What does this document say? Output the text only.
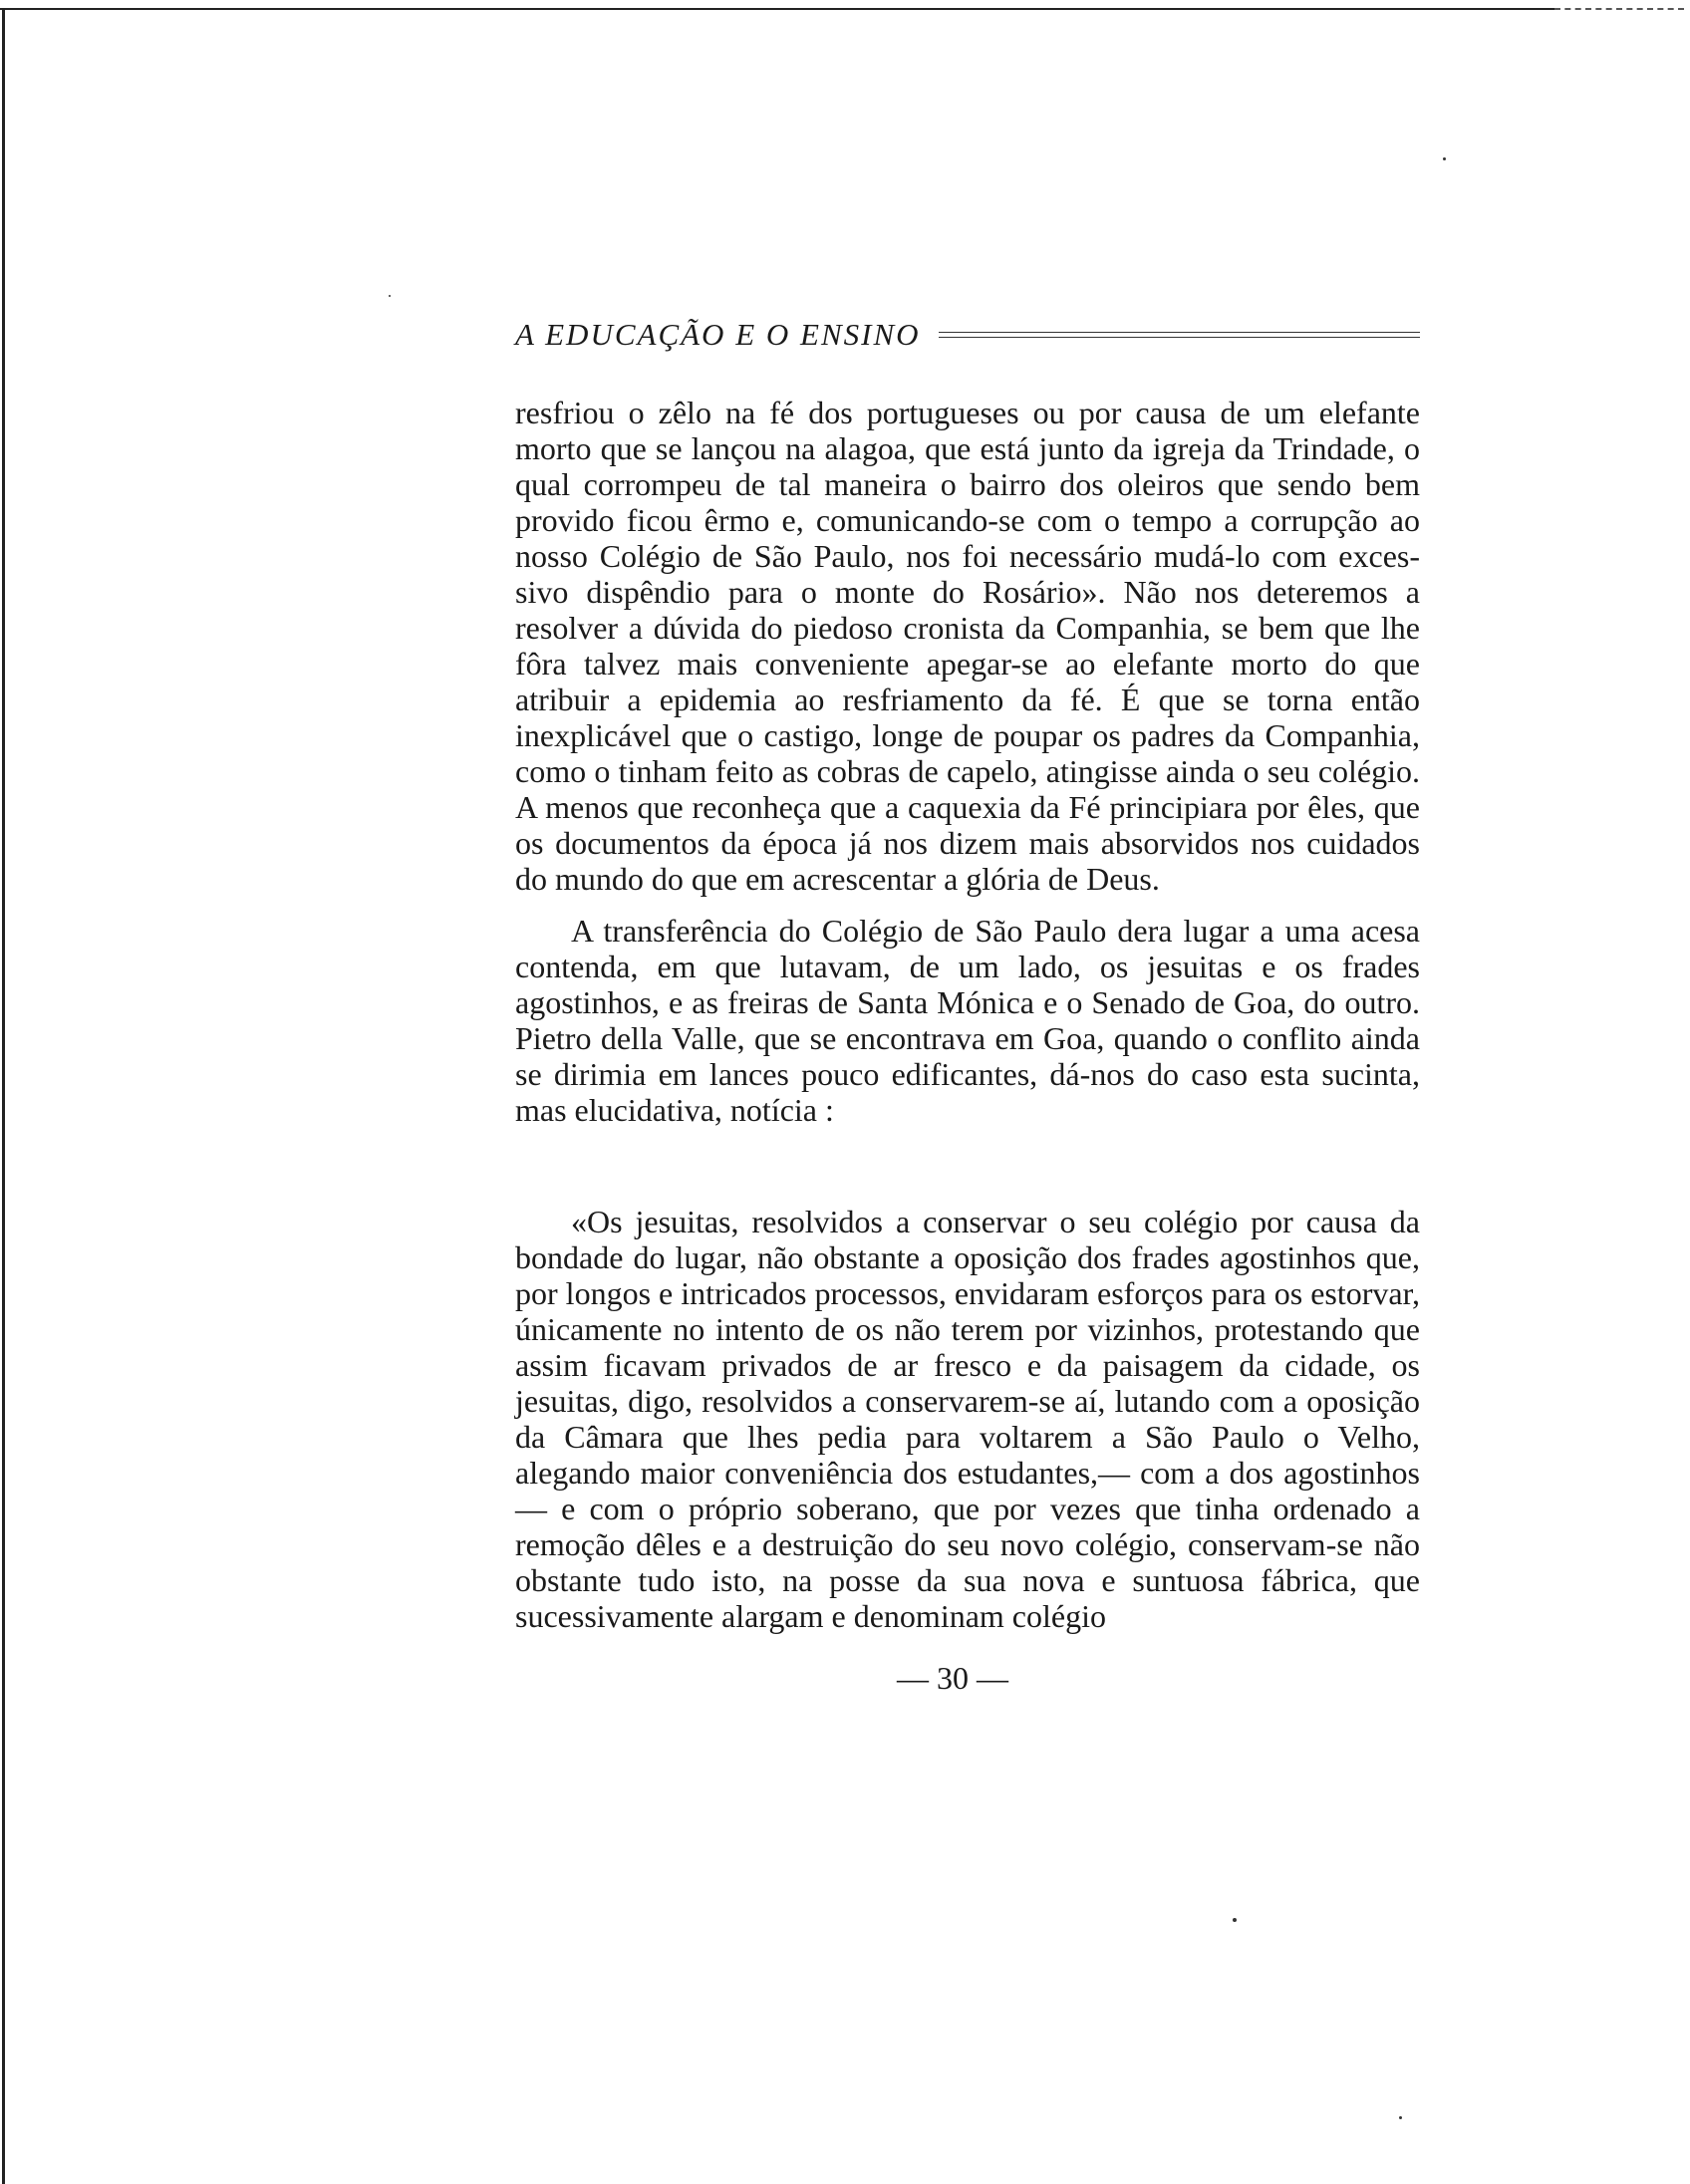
A EDUCAÇÃO E O ENSINO

resfriou o zêlo na fé dos portugueses ou por causa de um elefante morto que se lançou na alagoa, que está junto da igreja da Trindade, o qual corrompeu de tal maneira o bairro dos oleiros que sendo bem provido ficou êrmo e, comunicando-se com o tempo a corrupção ao nosso Colégio de São Paulo, nos foi necessário mudá-lo com excessivo dispêndio para o monte do Rosário». Não nos deteremos a resolver a dúvida do piedoso cronista da Companhia, se bem que lhe fôra talvez mais conveniente apegar-se ao elefante morto do que atribuir a epidemia ao resfriamento da fé. É que se torna então inexplicável que o castigo, longe de poupar os padres da Companhia, como o tinham feito as cobras de capelo, atingisse ainda o seu colégio. A menos que reconheça que a caquexia da Fé principiara por êles, que os documentos da época já nos dizem mais absorvidos nos cuidados do mundo do que em acrescentar a glória de Deus.

A transferência do Colégio de São Paulo dera lugar a uma acesa contenda, em que lutavam, de um lado, os jesuitas e os frades agostinhos, e as freiras de Santa Mónica e o Senado de Goa, do outro. Pietro della Valle, que se encontrava em Goa, quando o conflito ainda se dirimia em lances pouco edificantes, dá-nos do caso esta sucinta, mas elucidativa, notícia :

«Os jesuitas, resolvidos a conservar o seu colégio por causa da bondade do lugar, não obstante a oposição dos frades agostinhos que, por longos e intricados processos, envidaram esforços para os estorvar, únicamente no intento de os não terem por vizinhos, protestando que assim ficavam privados de ar fresco e da paisagem da cidade, os jesuitas, digo, resolvidos a conservarem-se aí, lutando com a oposição da Câmara que lhes pedia para voltarem a São Paulo o Velho, alegando maior conveniência dos estudantes,— com a dos agostinhos — e com o próprio soberano, que por vezes que tinha ordenado a remoção dêles e a destruição do seu novo colégio, conservam-se não obstante tudo isto, na posse da sua nova e suntuosa fábrica, que sucessivamente alargam e denominam colégio

— 30 —
